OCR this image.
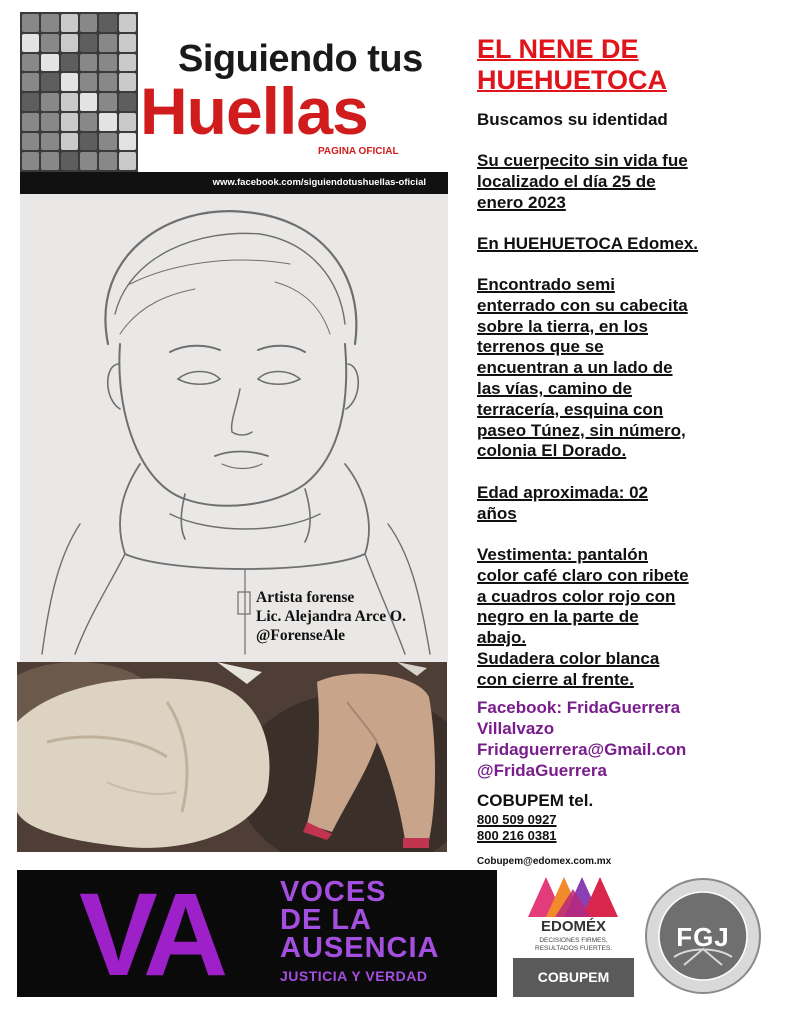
Siguiendo tus
Huellas
PAGINA OFICIAL
www.facebook.com/siguiendotushuellas-oficial
Artista forense
Lic. Alejandra Arce O.
@ForenseAle
EL NENE DE
HUEHUETOCA
Buscamos su identidad
Su cuerpecito sin vida fue
localizado el día 25 de
enero 2023
En HUEHUETOCA Edomex.
Encontrado semi
enterrado con su cabecita
sobre la tierra, en los
terrenos que se
encuentran a un lado de
las vías, camino de
terracería, esquina con
paseo Túnez, sin número,
colonia El Dorado.
Edad aproximada: 02
años
Vestimenta: pantalón
color café claro con ribete
a cuadros color rojo con
negro en la parte de
abajo.
Sudadera color blanca
con cierre al frente.
Facebook: FridaGuerrera
Villalvazo
Fridaguerrera@Gmail.con
@FridaGuerrera
COBUPEM tel.
800 509 0927
800 216 0381
Cobupem@edomex.com.mx
VA VOCES
DE LA
AUSENCIA
JUSTICIA Y VERDAD
EDOMÉX
DECISIONES FIRMES,
RESULTADOS FUERTES.
COBUPEM
FGJ
